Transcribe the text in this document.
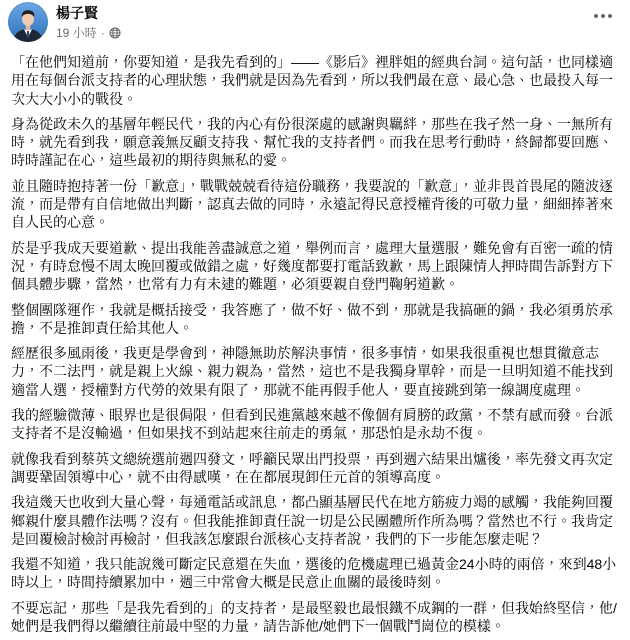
楊子賢
19 小時 ·

「在他們知道前，你要知道，是我先看到的」——《影后》裡胖姐的經典台詞。這句話，也同樣適用在每個台派支持者的心理狀態，我們就是因為先看到，所以我們最在意、最心急、也最投入每一次大大小小的戰役。

身為從政未久的基層年輕民代，我的內心有份很深處的感謝與羈絆，那些在我孑然一身、一無所有時，就先看到我，願意義無反顧支持我、幫忙我的支持者們。而我在思考行動時，終歸都要回應、時時謹記在心，這些最初的期待與無私的愛。

並且隨時抱持著一份「歉意」，戰戰兢兢看待這份職務，我要說的「歉意」，並非畏首畏尾的隨波逐流，而是帶有自信地做出判斷，認真去做的同時，永遠記得民意授權背後的可敬力量，細細捧著來自人民的心意。

於是乎我成天要道歉、提出我能善盡誠意之道，舉例而言，處理大量選服，難免會有百密一疏的情況，有時怠慢不周太晚回覆或做錯之處，好幾度都要打電話致歉，馬上跟陳情人押時間告訴對方下個具體步驟，當然，也常有力有未逮的難題，必須要親自登門鞠躬道歉。

整個團隊運作，我就是概括接受，我答應了，做不好、做不到，那就是我搞砸的鍋，我必須勇於承擔，不是推卸責任給其他人。

經歷很多風雨後，我更是學會到，神隱無助於解決事情，很多事情，如果我很重視也想貫徹意志力，不二法門，就是親上火線、親力親為，當然，這也不是我獨身單幹，而是一旦明知道不能找到適當人選，授權對方代勞的效果有限了，那就不能再假手他人，要直接跳到第一線調度處理。

我的經驗微薄、眼界也是很侷限，但看到民進黨越來越不像個有肩膀的政黨，不禁有感而發。台派支持者不是沒輸過，但如果找不到站起來往前走的勇氣，那恐怕是永劫不復。

就像我看到蔡英文總統選前週四發文，呼籲民眾出門投票，再到週六結果出爐後，率先發文再次定調要鞏固領導中心，就不由得感嘆，在在都展現卸任元首的領導高度。

我這幾天也收到大量心聲，每通電話或訊息，都凸顯基層民代在地方筋疲力竭的感觸，我能夠回覆鄉親什麼具體作法嗎？沒有。但我能推卸責任說一切是公民團體所作所為嗎？當然也不行。我肯定是回覆檢討檢討再檢討，但我該怎麼跟台派核心支持者說，我們的下一步能怎麼走呢？

我還不知道，我只能說幾可斷定民意還在失血，選後的危機處理已過黃金24小時的兩倍，來到48小時以上，時間持續累加中，週三中常會大概是民意止血關的最後時刻。

不要忘記，那些「是我先看到的」的支持者，是最堅毅也最恨鐵不成鋼的一群，但我始終堅信，他/她們是我們得以繼續往前最中堅的力量，請告訴他/她們下一個戰鬥崗位的模樣。
